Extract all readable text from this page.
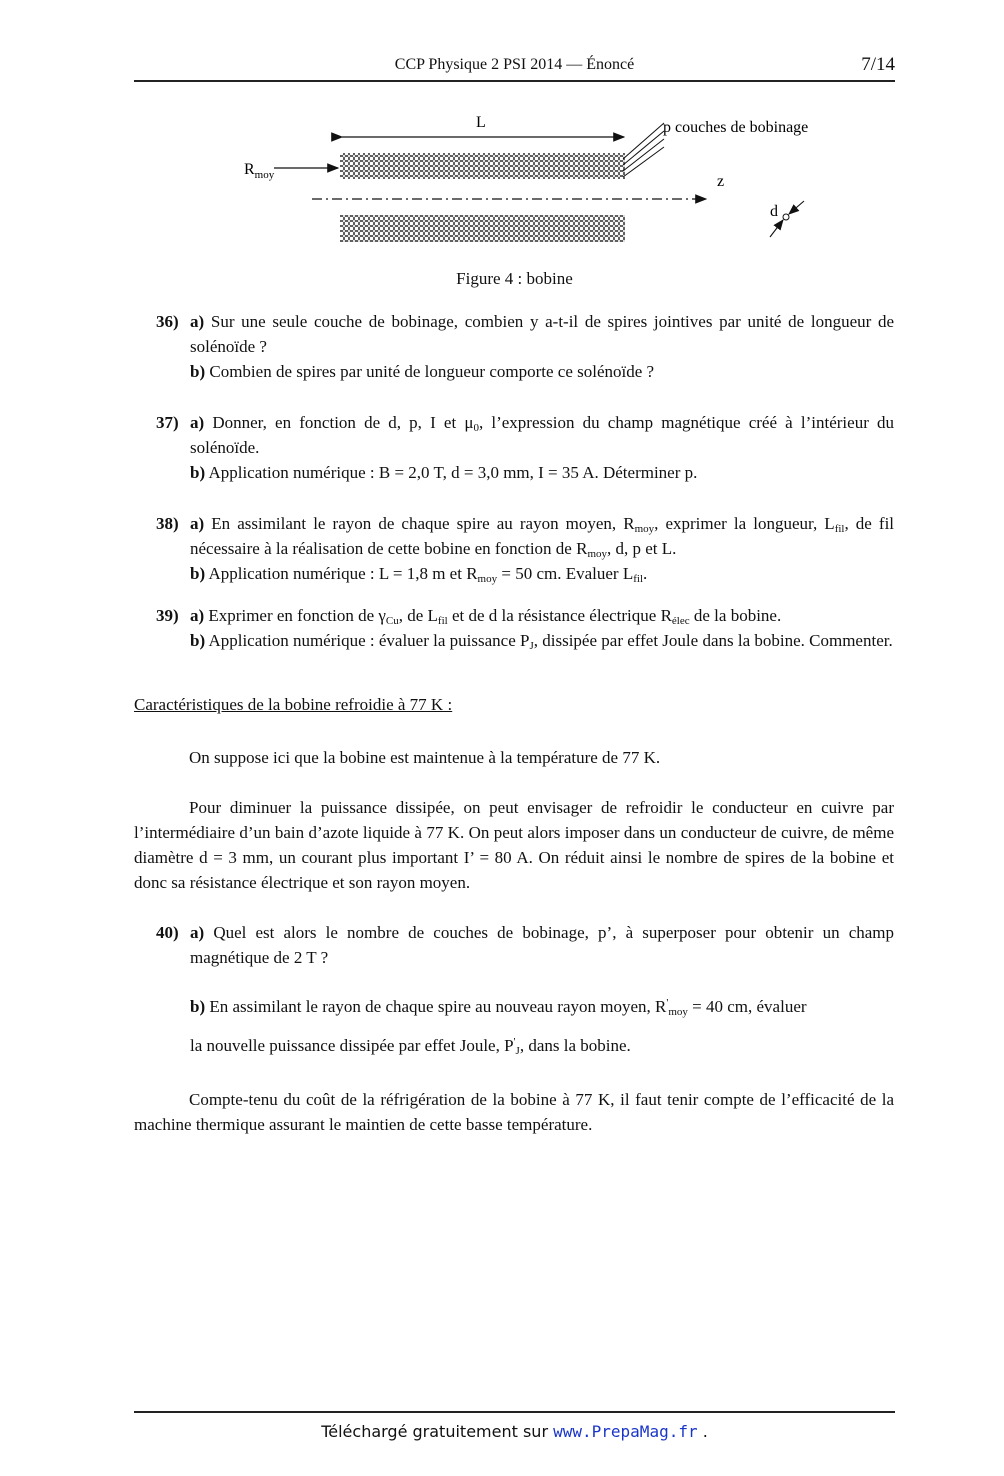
CCP Physique 2 PSI 2014 — Énoncé	7/14
L	p couches de bobinage
$R_{moy}$	z
d
Figure 4 : bobine
36) a) Sur une seule couche de bobinage, combien y a-t-il de spires jointives par unité de longueur de solénoïde ?
b) Combien de spires par unité de longueur comporte ce solénoïde ?
37) a) Donner, en fonction de d, p, I et $\mu_0$, l’expression du champ magnétique créé à l’intérieur du solénoïde.
b) Application numérique : B = 2,0 T, d = 3,0 mm, I = 35 A. Déterminer p.
38) a) En assimilant le rayon de chaque spire au rayon moyen, $R_{moy}$, exprimer la longueur, $L_{fil}$, de fil nécessaire à la réalisation de cette bobine en fonction de $R_{moy}$, d, p et L.
b) Application numérique : L = 1,8 m et $R_{moy} = 50$ cm. Evaluer $L_{fil}$.
39) a) Exprimer en fonction de $\gamma_{Cu}$, de $L_{fil}$ et de d la résistance électrique $R_{élec}$ de la bobine.
b) Application numérique : évaluer la puissance $P_J$, dissipée par effet Joule dans la bobine. Commenter.
Caractéristiques de la bobine refroidie à 77 K :
On suppose ici que la bobine est maintenue à la température de 77 K.
Pour diminuer la puissance dissipée, on peut envisager de refroidir le conducteur en cuivre par l’intermédiaire d’un bain d’azote liquide à 77 K. On peut alors imposer dans un conducteur de cuivre, de même diamètre d = 3 mm, un courant plus important I’ = 80 A. On réduit ainsi le nombre de spires de la bobine et donc sa résistance électrique et son rayon moyen.
40) a) Quel est alors le nombre de couches de bobinage, p’, à superposer pour obtenir un champ magnétique de 2 T ?
b) En assimilant le rayon de chaque spire au nouveau rayon moyen, $R'_{moy} = 40$ cm, évaluer
la nouvelle puissance dissipée par effet Joule, $P'_J$, dans la bobine.
Compte-tenu du coût de la réfrigération de la bobine à 77 K, il faut tenir compte de l’efficacité de la machine thermique assurant le maintien de cette basse température.
Téléchargé gratuitement sur www.PrepaMag.fr .
